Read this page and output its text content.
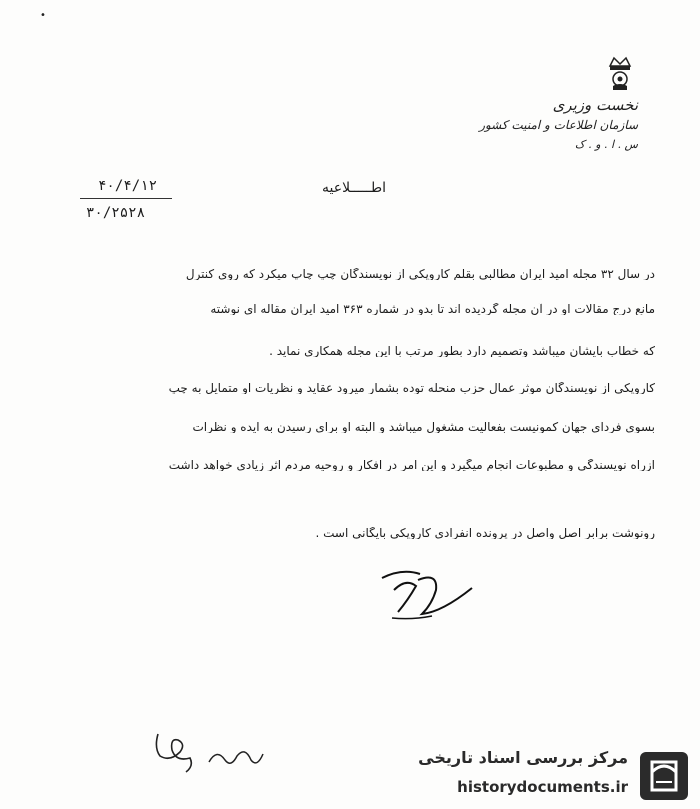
•
نخست وزیری
سازمان اطلاعات و امنیت کشور
س . ا . و . ک
اطـــــلاعیه
۴۰/۴/۱۲
۳۰/۲۵۲۸
در سال ۳۲ مجله امید ایران مطالبی بقلم کاروپکی از نویسندگان چپ چاپ میکرد که روی کنترل
مانع درج مقالات او در آن مجله گردیده اند تا بدو در شماره ۳۶۳ امید ایران مقاله ای نوشته
که خطاب بایشان میباشد وتصمیم دارد بطور مرتب با این مجله همکاری نماید .
کاروپکی از نویسندگان موثر عمال حزب منحله توده بشمار میرود عقاید و نظریات او متمایل به چپ
بسوی فردای جهان کمونیست بفعالیت مشغول میباشد و البته او برای رسیدن به ایده و نظرات
ازراه نویسندگی و مطبوعات انجام میگیرد و این امر در افکار و روحیه مردم اثر زیادی خواهد داشت
رونوشت برابر اصل واصل در پرونده انفرادی کاروپکی بایگانی است .
مرکز بررسی اسناد تاریخی
historydocuments.ir
